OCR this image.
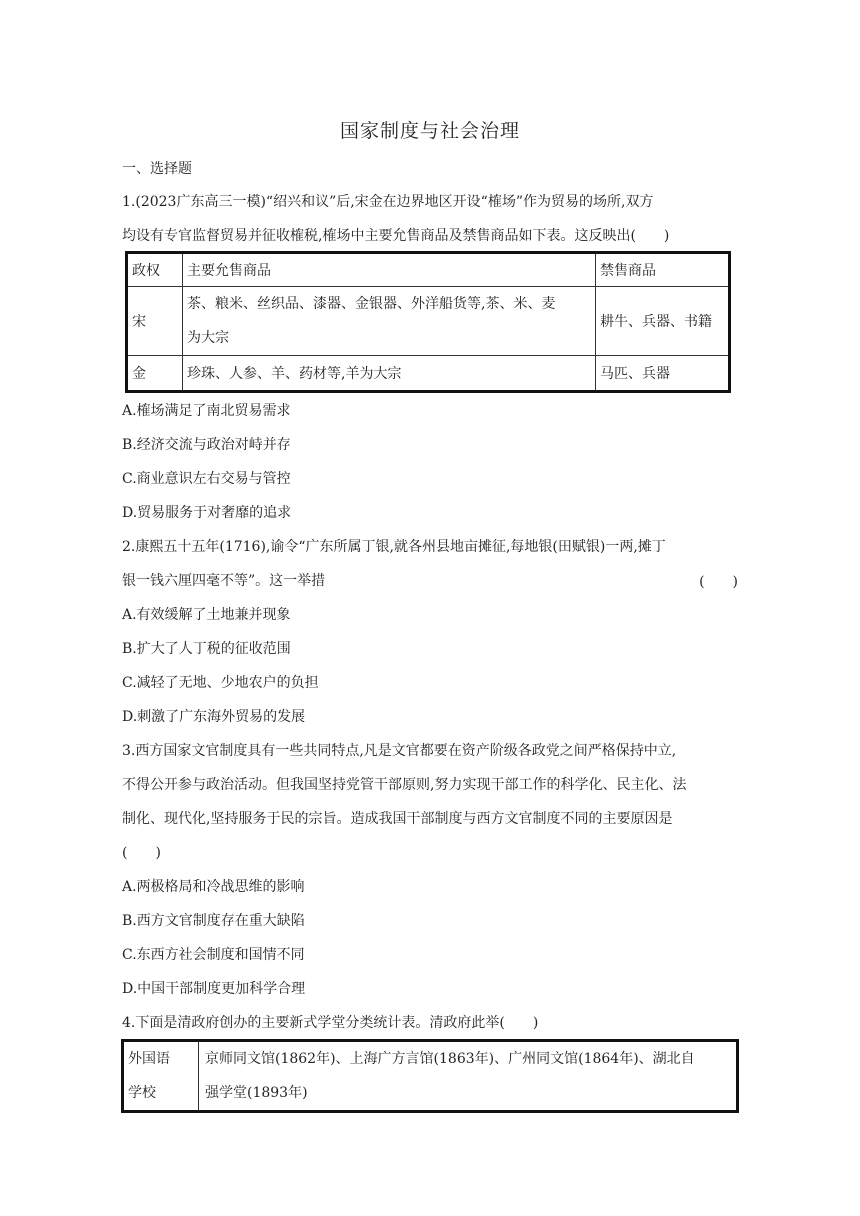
国家制度与社会治理
一、选择题
1.(2023广东高三一模)“绍兴和议”后,宋金在边界地区开设“榷场”作为贸易的场所,双方
均设有专官监督贸易并征收榷税,榷场中主要允售商品及禁售商品如下表。这反映出(　　)
政权	主要允售商品	禁售商品
宋	茶、粮米、丝织品、漆器、金银器、外洋船货等,茶、米、麦
为大宗	耕牛、兵器、书籍
金	珍珠、人参、羊、药材等,羊为大宗	马匹、兵器
A.榷场满足了南北贸易需求
B.经济交流与政治对峙并存
C.商业意识左右交易与管控
D.贸易服务于对奢靡的追求
2.康熙五十五年(1716),谕令“广东所属丁银,就各州县地亩摊征,每地银(田赋银)一两,摊丁
银一钱六厘四毫不等”。这一举措	(　　)
A.有效缓解了土地兼并现象
B.扩大了人丁税的征收范围
C.减轻了无地、少地农户的负担
D.刺激了广东海外贸易的发展
3.西方国家文官制度具有一些共同特点,凡是文官都要在资产阶级各政党之间严格保持中立,
不得公开参与政治活动。但我国坚持党管干部原则,努力实现干部工作的科学化、民主化、法
制化、现代化,坚持服务于民的宗旨。造成我国干部制度与西方文官制度不同的主要原因是
(　　)
A.两极格局和冷战思维的影响
B.西方文官制度存在重大缺陷
C.东西方社会制度和国情不同
D.中国干部制度更加科学合理
4.下面是清政府创办的主要新式学堂分类统计表。清政府此举(　　)
外国语
学校

京师同文馆(1862年)、上海广方言馆(1863年)、广州同文馆(1864年)、湖北自
强学堂(1893年)
